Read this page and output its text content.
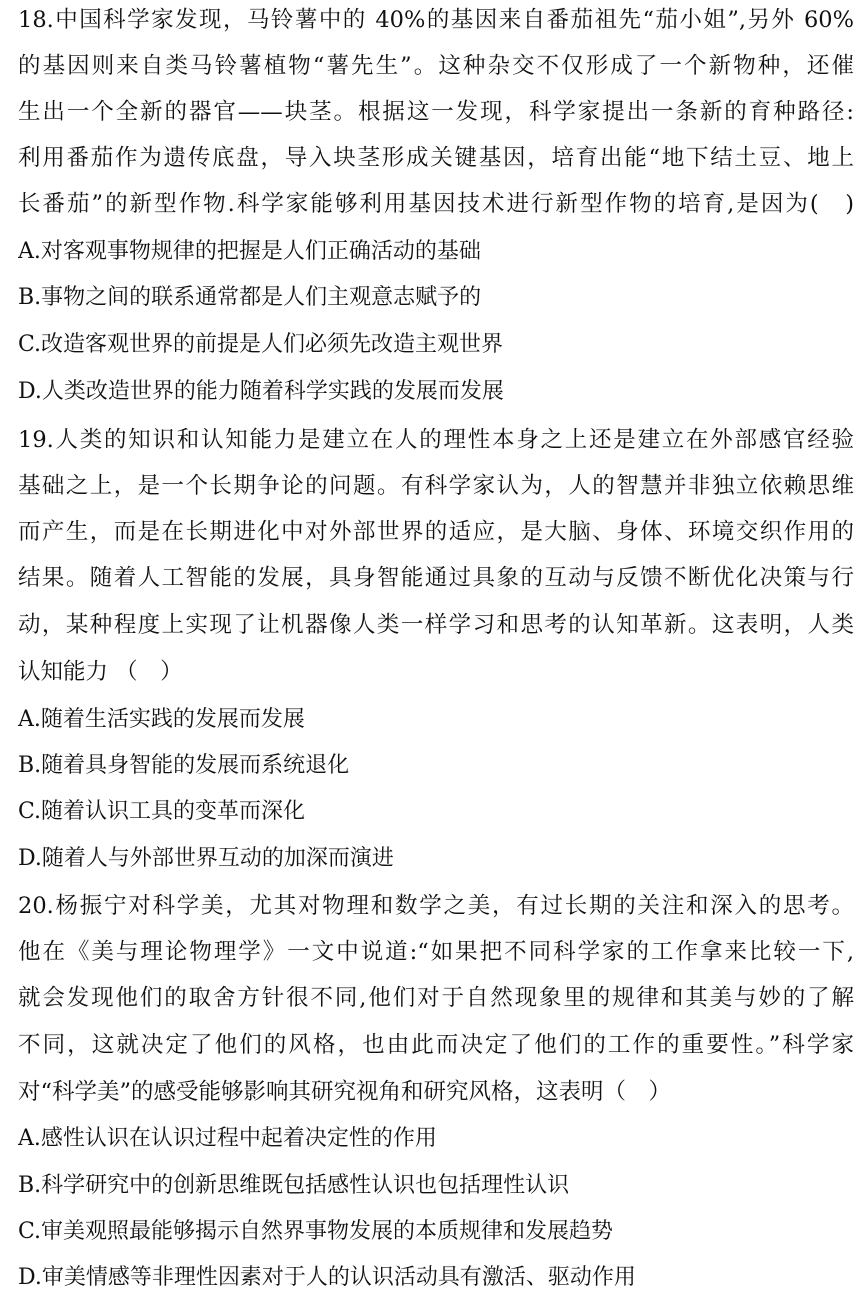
18.中国科学家发现，马铃薯中的 40%的基因来自番茄祖先“茄小姐”,另外 60%
的基因则来自类马铃薯植物“薯先生”。这种杂交不仅形成了一个新物种，还催
生出一个全新的器官——块茎。根据这一发现，科学家提出一条新的育种路径:
利用番茄作为遗传底盘，导入块茎形成关键基因，培育出能“地下结土豆、地上
长番茄”的新型作物.科学家能够利用基因技术进行新型作物的培育,是因为(　)
A.对客观事物规律的把握是人们正确活动的基础
B.事物之间的联系通常都是人们主观意志赋予的
C.改造客观世界的前提是人们必须先改造主观世界
D.人类改造世界的能力随着科学实践的发展而发展
19.人类的知识和认知能力是建立在人的理性本身之上还是建立在外部感官经验
基础之上，是一个长期争论的问题。有科学家认为，人的智慧并非独立依赖思维
而产生，而是在长期进化中对外部世界的适应，是大脑、身体、环境交织作用的
结果。随着人工智能的发展，具身智能通过具象的互动与反馈不断优化决策与行
动，某种程度上实现了让机器像人类一样学习和思考的认知革新。这表明，人类
认知能力 （　）
A.随着生活实践的发展而发展
B.随着具身智能的发展而系统退化
C.随着认识工具的变革而深化
D.随着人与外部世界互动的加深而演进
20.杨振宁对科学美，尤其对物理和数学之美，有过长期的关注和深入的思考。
他在《美与理论物理学》一文中说道:“如果把不同科学家的工作拿来比较一下,
就会发现他们的取舍方针很不同,他们对于自然现象里的规律和其美与妙的了解
不同，这就决定了他们的风格，也由此而决定了他们的工作的重要性。”科学家
对“科学美”的感受能够影响其研究视角和研究风格，这表明（　）
A.感性认识在认识过程中起着决定性的作用
B.科学研究中的创新思维既包括感性认识也包括理性认识
C.审美观照最能够揭示自然界事物发展的本质规律和发展趋势
D.审美情感等非理性因素对于人的认识活动具有激活、驱动作用
